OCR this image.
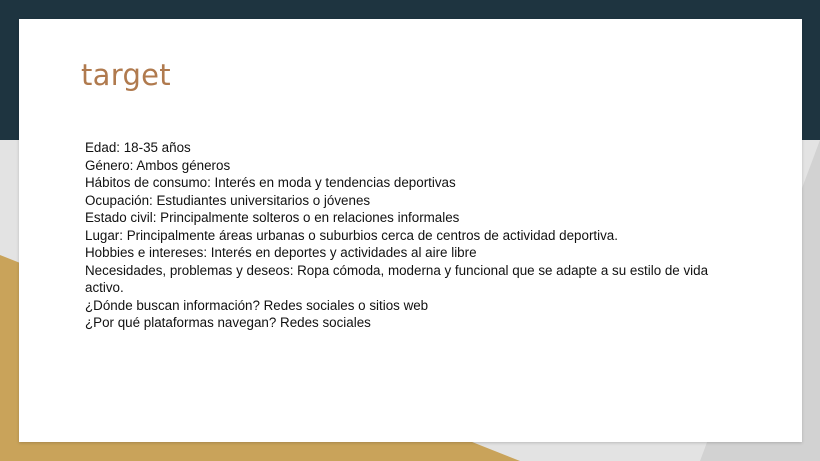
target
Edad: 18-35 años
Género: Ambos géneros
Hábitos de consumo: Interés en moda y tendencias deportivas
Ocupación: Estudiantes universitarios o jóvenes
Estado civil: Principalmente solteros o en relaciones informales
Lugar: Principalmente áreas urbanas o suburbios cerca de centros de actividad deportiva.
Hobbies e intereses: Interés en deportes y actividades al aire libre
Necesidades, problemas y deseos: Ropa cómoda, moderna y funcional que se adapte a su estilo de vida activo.
¿Dónde buscan información? Redes sociales o sitios web
¿Por qué plataformas navegan? Redes sociales
